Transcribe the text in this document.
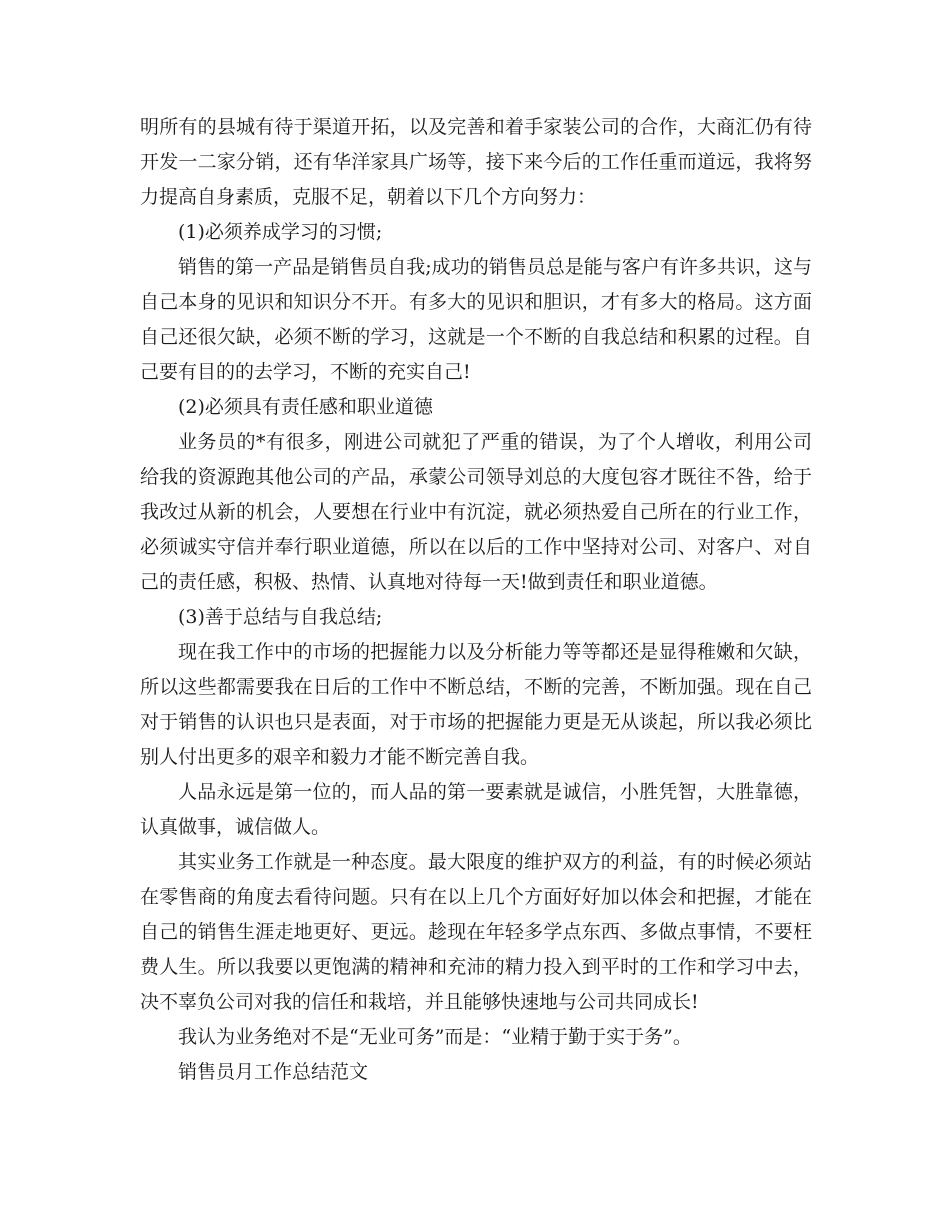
明所有的县城有待于渠道开拓，以及完善和着手家装公司的合作，大商汇仍有待开发一二家分销，还有华洋家具广场等，接下来今后的工作任重而道远，我将努力提高自身素质，克服不足，朝着以下几个方向努力：

(1)必须养成学习的习惯;

销售的第一产品是销售员自我;成功的销售员总是能与客户有许多共识，这与自己本身的见识和知识分不开。有多大的见识和胆识，才有多大的格局。这方面自己还很欠缺，必须不断的学习，这就是一个不断的自我总结和积累的过程。自己要有目的的去学习，不断的充实自己!

(2)必须具有责任感和职业道德

业务员的*有很多，刚进公司就犯了严重的错误，为了个人增收，利用公司给我的资源跑其他公司的产品，承蒙公司领导刘总的大度包容才既往不咎，给于我改过从新的机会，人要想在行业中有沉淀，就必须热爱自己所在的行业工作，必须诚实守信并奉行职业道德，所以在以后的工作中坚持对公司、对客户、对自己的责任感，积极、热情、认真地对待每一天!做到责任和职业道德。

(3)善于总结与自我总结;

现在我工作中的市场的把握能力以及分析能力等等都还是显得稚嫩和欠缺，所以这些都需要我在日后的工作中不断总结，不断的完善，不断加强。现在自己对于销售的认识也只是表面，对于市场的把握能力更是无从谈起，所以我必须比别人付出更多的艰辛和毅力才能不断完善自我。

人品永远是第一位的，而人品的第一要素就是诚信，小胜凭智，大胜靠德，认真做事，诚信做人。

其实业务工作就是一种态度。最大限度的维护双方的利益，有的时候必须站在零售商的角度去看待问题。只有在以上几个方面好好加以体会和把握，才能在自己的销售生涯走地更好、更远。趁现在年轻多学点东西、多做点事情，不要枉费人生。所以我要以更饱满的精神和充沛的精力投入到平时的工作和学习中去，决不辜负公司对我的信任和栽培，并且能够快速地与公司共同成长!

我认为业务绝对不是“无业可务”而是：“业精于勤于实于务”。

销售员月工作总结范文
